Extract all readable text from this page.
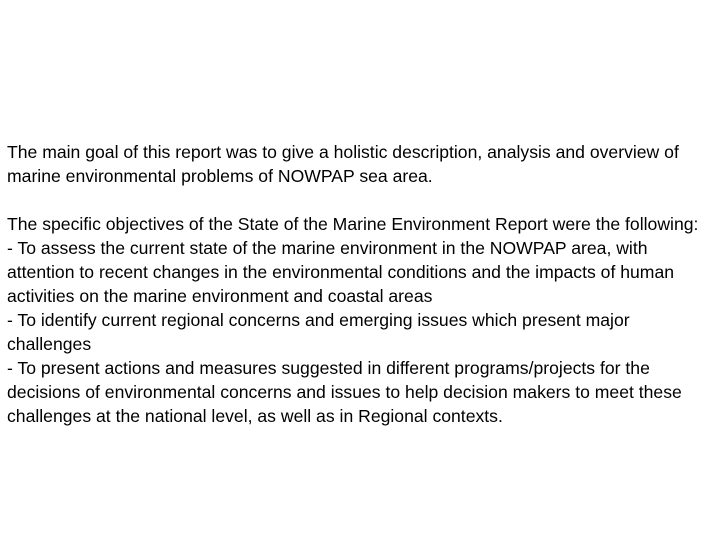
The main goal of this report was to give a holistic description, analysis and overview of marine environmental problems of NOWPAP sea area.

The specific objectives of the State of the Marine Environment Report were the following:

- To assess the current state of the marine environment in the NOWPAP area, with attention to recent changes in the environmental conditions and the impacts of human activities on the marine environment and coastal areas

- To identify current regional concerns and emerging issues which present major challenges

- To present actions and measures suggested in different programs/projects for the decisions of environmental concerns and issues to help decision makers to meet these challenges at the national level, as well as in Regional contexts.
